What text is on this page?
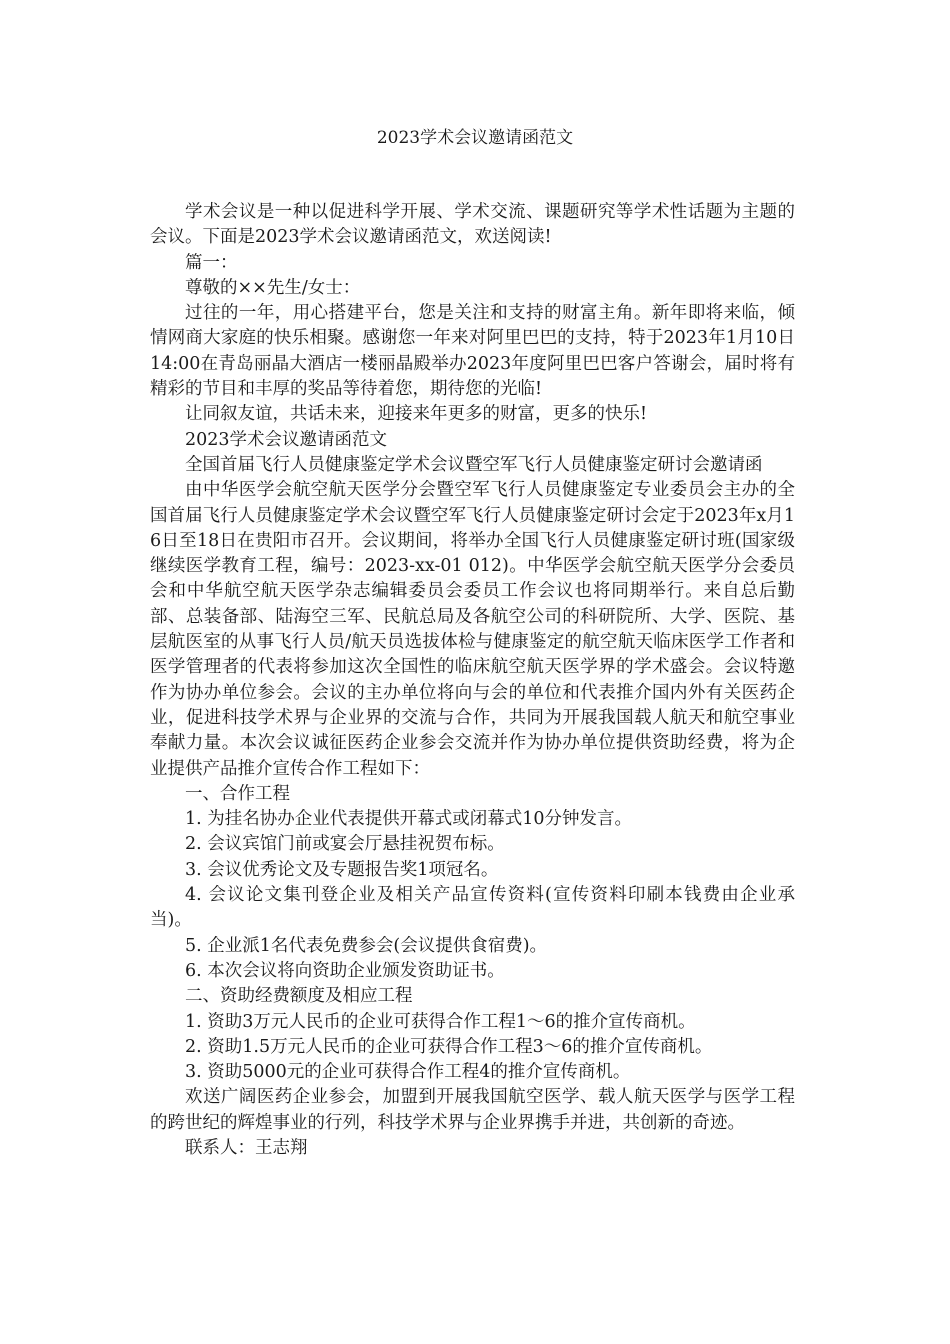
2023学术会议邀请函范文

学术会议是一种以促进科学开展、学术交流、课题研究等学术性话题为主题的会议。下面是2023学术会议邀请函范文，欢送阅读!

篇一：

尊敬的××先生/女士：

过往的一年，用心搭建平台，您是关注和支持的财富主角。新年即将来临，倾情网商大家庭的快乐相聚。感谢您一年来对阿里巴巴的支持，特于2023年1月10日14:00在青岛丽晶大酒店一楼丽晶殿举办2023年度阿里巴巴客户答谢会，届时将有精彩的节目和丰厚的奖品等待着您，期待您的光临!

让同叙友谊，共话未来，迎接来年更多的财富，更多的快乐!

2023学术会议邀请函范文

全国首届飞行人员健康鉴定学术会议暨空军飞行人员健康鉴定研讨会邀请函

由中华医学会航空航天医学分会暨空军飞行人员健康鉴定专业委员会主办的全国首届飞行人员健康鉴定学术会议暨空军飞行人员健康鉴定研讨会定于2023年x月16日至18日在贵阳市召开。会议期间，将举办全国飞行人员健康鉴定研讨班(国家级继续医学教育工程，编号：2023-xx-01 012)。中华医学会航空航天医学分会委员会和中华航空航天医学杂志编辑委员会委员工作会议也将同期举行。来自总后勤部、总装备部、陆海空三军、民航总局及各航空公司的科研院所、大学、医院、基层航医室的从事飞行人员/航天员选拔体检与健康鉴定的航空航天临床医学工作者和医学管理者的代表将参加这次全国性的临床航空航天医学界的学术盛会。会议特邀 作为协办单位参会。会议的主办单位将向与会的单位和代表推介国内外有关医药企业，促进科技学术界与企业界的交流与合作，共同为开展我国载人航天和航空事业奉献力量。本次会议诚征医药企业参会交流并作为协办单位提供资助经费，将为企业提供产品推介宣传合作工程如下：

一、合作工程

1. 为挂名协办企业代表提供开幕式或闭幕式10分钟发言。

2. 会议宾馆门前或宴会厅悬挂祝贺布标。

3. 会议优秀论文及专题报告奖1项冠名。

4. 会议论文集刊登企业及相关产品宣传资料(宣传资料印刷本钱费由企业承当)。

5. 企业派1名代表免费参会(会议提供食宿费)。

6. 本次会议将向资助企业颁发资助证书。

二、资助经费额度及相应工程

1. 资助3万元人民币的企业可获得合作工程1～6的推介宣传商机。

2. 资助1.5万元人民币的企业可获得合作工程3～6的推介宣传商机。

3. 资助5000元的企业可获得合作工程4的推介宣传商机。

欢送广阔医药企业参会，加盟到开展我国航空医学、载人航天医学与医学工程的跨世纪的辉煌事业的行列，科技学术界与企业界携手并进，共创新的奇迹。

联系人：王志翔
